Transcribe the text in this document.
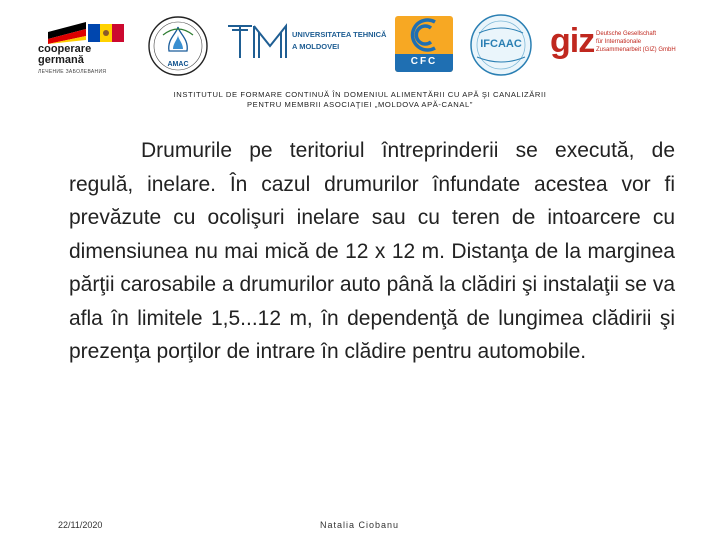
cooperare
germană
ЛЕЧЕНИЕ ЗАБОЛЕВАНИЯ
AMAC
UNIVERSITATEA TEHNICĂ
A MOLDOVEI
CFC
IFCAAC giz Deutsche Gesellschaft
für Internationale
Zusammenarbeit (GIZ) GmbH
INSTITUTUL DE FORMARE CONTINUĂ ÎN DOMENIUL ALIMENTĂRII CU APĂ ŞI CANALIZĂRII
PENTRU MEMBRII ASOCIAŢIEI „MOLDOVA APĂ-CANAL”

Drumurile pe teritoriul întreprinderii se execută, de regulă, inelare. În cazul drumurilor înfundate acestea vor fi prevăzute cu ocolişuri inelare sau cu teren de intoarcere cu dimensiunea nu mai mică de 12 x 12 m. Distanţa de la marginea părţii carosabile a drumurilor auto până la clădiri şi instalaţii se va afla în limitele 1,5...12 m, în dependenţă de lungimea clădirii şi prezenţa porţilor de intrare în clădire pentru automobile.

22/11/2020	Natalia Ciobanu
